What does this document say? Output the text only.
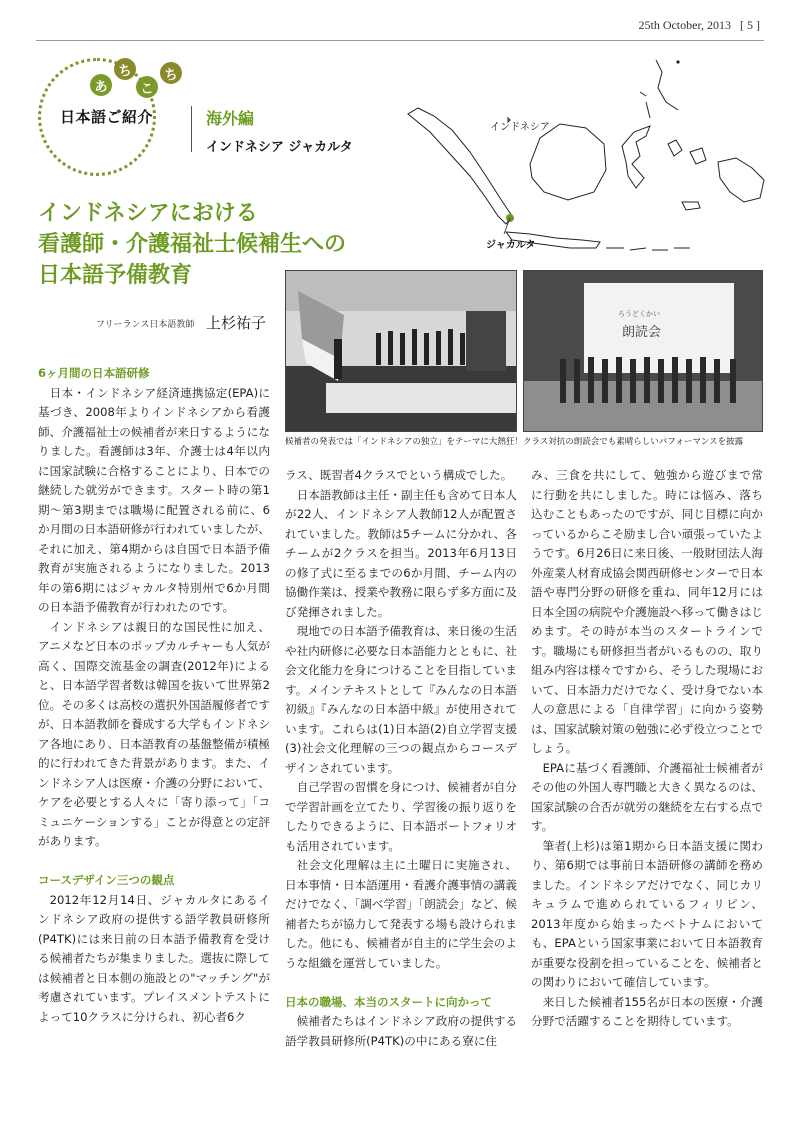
25th October, 2013 [ 5 ]
あ
ち
こ
ち
日本語ご紹介	海外編
インドネシア ジャカルタ
インドネシア
ジャカルタ
インドネシアにおける
看護師・介護福祉士候補生への
日本語予備教育
フリーランス日本語教師 上杉祐子	ろうどくかい
朗読会
候補者の発表では「インドネシアの独立」をテーマに大熱狂！ クラス対抗の朗読会でも素晴らしいパフォーマンスを披露
6ヶ月間の日本語研修

日本・インドネシア経済連携協定(EPA)に基づき、2008年よりインドネシアから看護師、介護福祉士の候補者が来日するようになりました。看護師は3年、介護士は4年以内に国家試験に合格することにより、日本での継続した就労ができます。スタート時の第1期〜第3期までは職場に配置される前に、6か月間の日本語研修が行われていましたが、それに加え、第4期からは自国で日本語予備教育が実施されるようになりました。2013年の第6期にはジャカルタ特別州で6か月間の日本語予備教育が行われたのです。

インドネシアは親日的な国民性に加え、アニメなど日本のポップカルチャーも人気が高く、国際交流基金の調査(2012年)によると、日本語学習者数は韓国を抜いて世界第2位。その多くは高校の選択外国語履修者ですが、日本語教師を養成する大学もインドネシア各地にあり、日本語教育の基盤整備が積極的に行われてきた背景があります。また、インドネシア人は医療・介護の分野において、ケアを必要とする人々に「寄り添って」「コミュニケーションする」ことが得意との定評があります。

コースデザイン三つの観点

2012年12月14日、ジャカルタにあるインドネシア政府の提供する語学教員研修所(P4TK)には来日前の日本語予備教育を受ける候補者たちが集まりました。選抜に際しては候補者と日本側の施設との"マッチング"が考慮されています。プレイスメントテストによって10クラスに分けられ、初心者6ク

ラス、既習者4クラスでという構成でした。

日本語教師は主任・副主任も含めて日本人が22人、インドネシア人教師12人が配置されていました。教師は5チームに分かれ、各チームが2クラスを担当。2013年6月13日の修了式に至るまでの6か月間、チーム内の協働作業は、授業や教務に限らず多方面に及び発揮されました。

現地での日本語予備教育は、来日後の生活や社内研修に必要な日本語能力とともに、社会文化能力を身につけることを目指しています。メインテキストとして『みんなの日本語初級』『みんなの日本語中級』が使用されています。これらは(1)日本語(2)自立学習支援(3)社会文化理解の三つの観点からコースデザインされています。

自己学習の習慣を身につけ、候補者が自分で学習計画を立てたり、学習後の振り返りをしたりできるように、日本語ポートフォリオも活用されています。

社会文化理解は主に土曜日に実施され、日本事情・日本語運用・看護介護事情の講義だけでなく、「調べ学習」「朗読会」など、候補者たちが協力して発表する場も設けられました。他にも、候補者が自主的に学生会のような組織を運営していました。

日本の職場、本当のスタートに向かって

候補者たちはインドネシア政府の提供する語学教員研修所(P4TK)の中にある寮に住

み、三食を共にして、勉強から遊びまで常に行動を共にしました。時には悩み、落ち込むこともあったのですが、同じ目標に向かっているからこそ励まし合い頑張っていたようです。6月26日に来日後、一般財団法人海外産業人材育成協会関西研修センターで日本語や専門分野の研修を重ね、同年12月には日本全国の病院や介護施設へ移って働きはじめます。その時が本当のスタートラインです。職場にも研修担当者がいるものの、取り組み内容は様々ですから、そうした現場において、日本語力だけでなく、受け身でない本人の意思による「自律学習」に向かう姿勢は、国家試験対策の勉強に必ず役立つことでしょう。

EPAに基づく看護師、介護福祉士候補者が その他の外国人専門職と大きく異なるのは、国家試験の合否が就労の継続を左右する点です。

筆者(上杉)は第1期から日本語支援に関わり、第6期では事前日本語研修の講師を務めました。インドネシアだけでなく、同じカリキュラムで進められているフィリピン、2013年度から始まったベトナムにおいても、EPAという国家事業において日本語教育が重要な役割を担っていることを、候補者との関わりにおいて確信しています。

来日した候補者155名が日本の医療・介護分野で活躍することを期待しています。
